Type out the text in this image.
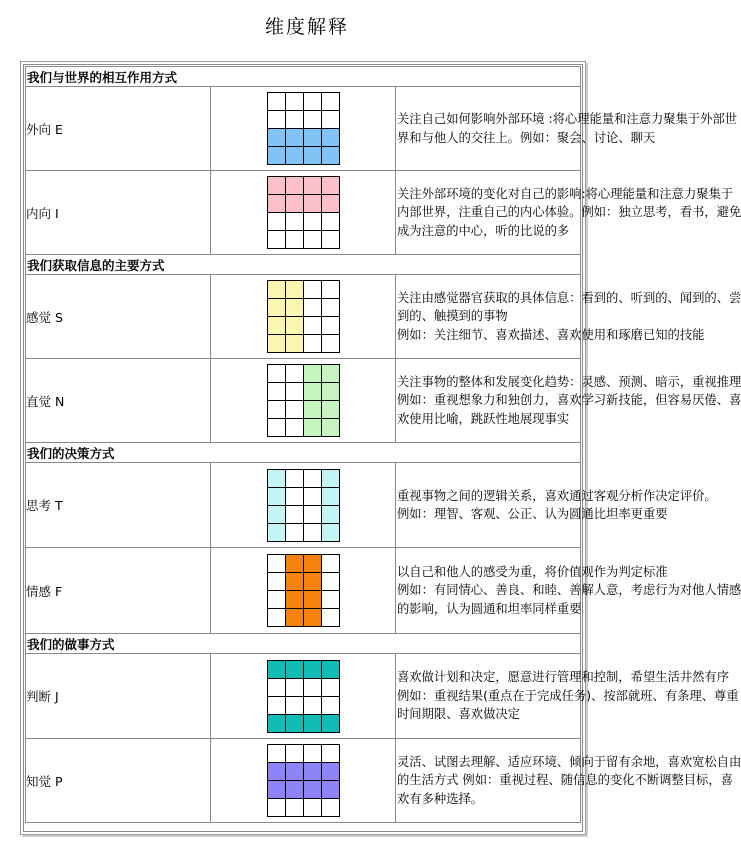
维度解释
我们与世界的相互作用方式		
外向 E		关注自己如何影响外部环境 :将心理能量和注意力聚集于外部世
界和与他人的交往上。例如：聚会、讨论、聊天

内向 I		关注外部环境的变化对自己的影响:将心理能量和注意力聚集于
内部世界，注重自己的内心体验。例如：独立思考，看书，避免
成为注意的中心，听的比说的多

我们获取信息的主要方式		
感觉 S		关注由感觉器官获取的具体信息：看到的、听到的、闻到的、尝
到的、触摸到的事物
例如：关注细节、喜欢描述、喜欢使用和琢磨已知的技能

直觉 N		关注事物的整体和发展变化趋势：灵感、预测、暗示，重视推理
例如：重视想象力和独创力，喜欢学习新技能，但容易厌倦、喜
欢使用比喻，跳跃性地展现事实

我们的决策方式		
思考 T		重视事物之间的逻辑关系，喜欢通过客观分析作决定评价。
例如：理智、客观、公正、认为圆通比坦率更重要

情感 F		以自己和他人的感受为重，将价值观作为判定标准
例如：有同情心、善良、和睦、善解人意，考虑行为对他人情感
的影响，认为圆通和坦率同样重要

我们的做事方式		
判断 J		喜欢做计划和决定，愿意进行管理和控制，希望生活井然有序
例如：重视结果(重点在于完成任务)、按部就班、有条理、尊重
时间期限、喜欢做决定

知觉 P		灵活、试图去理解、适应环境、倾向于留有余地，喜欢宽松自由
的生活方式 例如：重视过程、随信息的变化不断调整目标，喜
欢有多种选择。
